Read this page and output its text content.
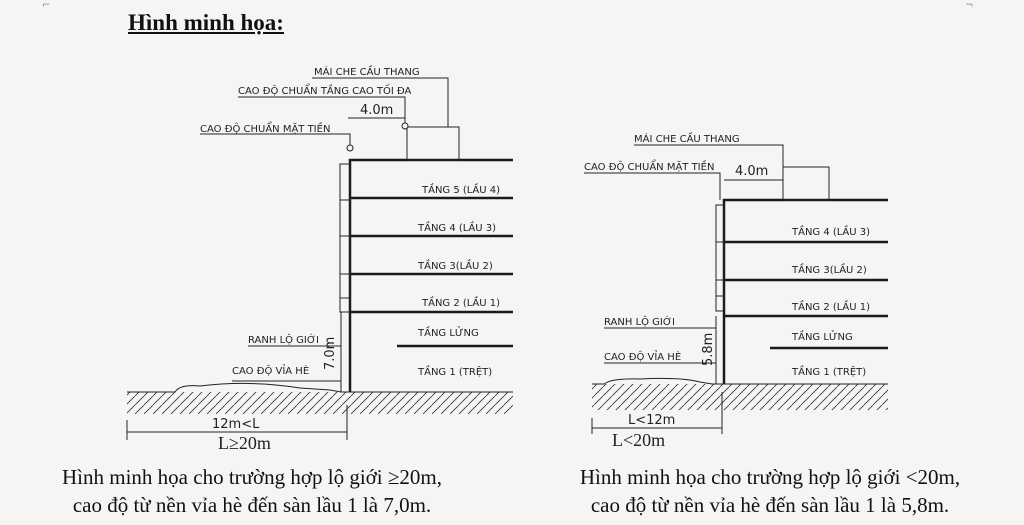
⌐	¬
Hình minh họa:
MÁI CHE CẦU THANG
CAO ĐỘ CHUẨN TẦNG CAO TỐI ĐA
4.0m
CAO ĐỘ CHUẨN MẶT TIỀN
TẦNG 5 (LẦU 4)
TẦNG 4 (LẦU 3)
TẦNG 3(LẦU 2)
TẦNG 2 (LẦU 1)
TẦNG LỬNG
TẦNG 1 (TRỆT)
RANH LỘ GIỚI
CAO ĐỘ VỈA HÈ
7.0m
12m<L
L≥20m
MÁI CHE CẦU THANG
4.0m
CAO ĐỘ CHUẨN MẶT TIỀN
TẦNG 4 (LẦU 3)
TẦNG 3(LẦU 2)
TẦNG 2 (LẦU 1)
TẦNG LỬNG
TẦNG 1 (TRỆT)
RANH LỘ GIỚI
CAO ĐỘ VỈA HÈ 5.8m
L<12m
L<20m
Hình minh họa cho trường hợp lộ giới ≥20m,
cao độ từ nền vỉa hè đến sàn lầu 1 là 7,0m.
Hình minh họa cho trường hợp lộ giới <20m,
cao độ từ nền vỉa hè đến sàn lầu 1 là 5,8m.
